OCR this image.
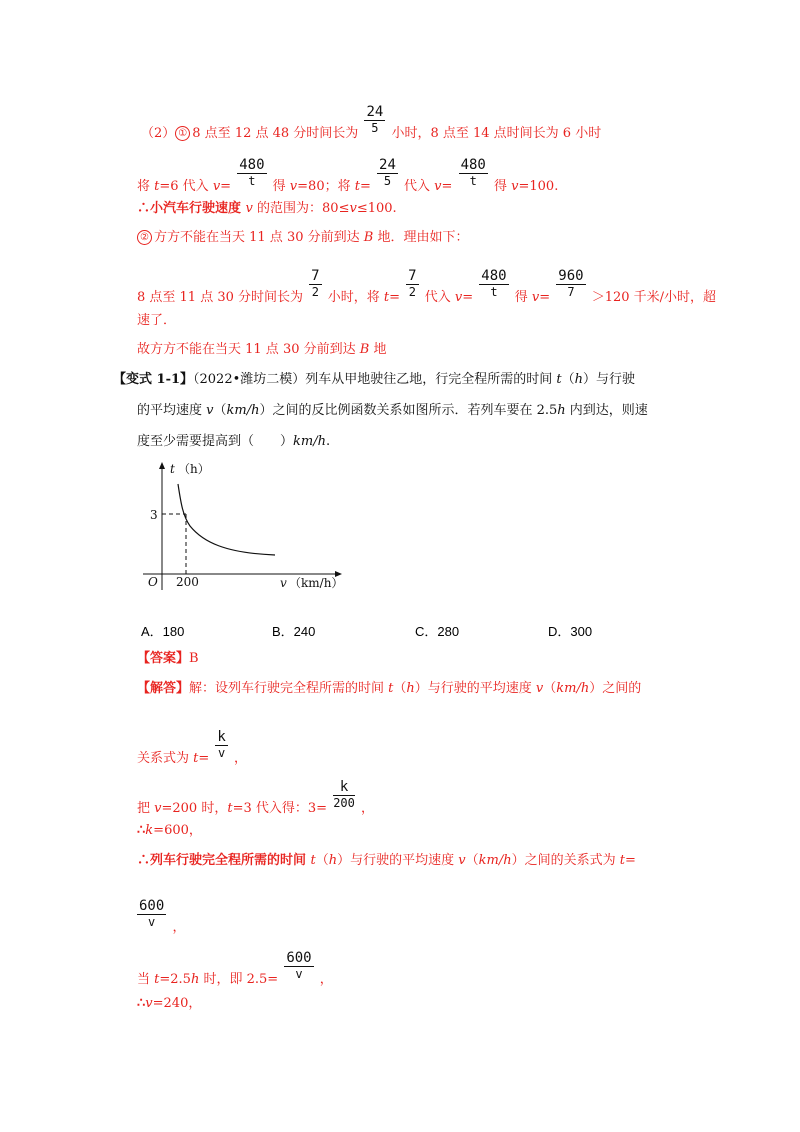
（2） ① 8 点至 12 点 48 分时间长为 $\frac{24}{5}$ 小时，8 点至 14 点时间长为 6 小时
将 t=6 代入 $v= \frac{480}{t}$ 得 v=80；将 $t= \frac{24}{5}$ 代入 $v= \frac{480}{t}$ 得 v=100.
∴小汽车行驶速度 v 的范围为：80≤v≤100.
② 方方不能在当天 11 点 30 分前到达 B 地．理由如下：
8 点至 11 点 30 分时间长为 $\frac{7}{2}$ 小时，将 $t= \frac{7}{2}$ 代入 $v= \frac{480}{t}$ 得 $v= \frac{960}{7} >120$ 千米/小时，超
速了．
故方方不能在当天 11 点 30 分前到达 B 地
【变式 1-1】（2022•潍坊二模）列车从甲地驶往乙地，行完全程所需的时间 t（h）与行驶
的平均速度 v（km/h）之间的反比例函数关系如图所示．若列车要在 2.5h 内到达，则速
度至少需要提高到（　　）km/h.
t （h）
3
O 200	v （km/h）
A．180	B．240	C．280	D．300
【答案】B
【解答】解：设列车行驶完全程所需的时间 t（h）与行驶的平均速度 v（km/h）之间的
关系式为 $t= \frac{k}{v}$ ，
把 v=200 时，t=3 代入得：$3= \frac{k}{200}$ ，
∴k=600，
∴列车行驶完全程所需的时间 t（h）与行驶的平均速度 v（km/h）之间的关系式为 t=
$\frac{600}{v}$ ，
当 t=2.5h 时，即 $2.5= \frac{600}{v}$ ，
∴v=240，
